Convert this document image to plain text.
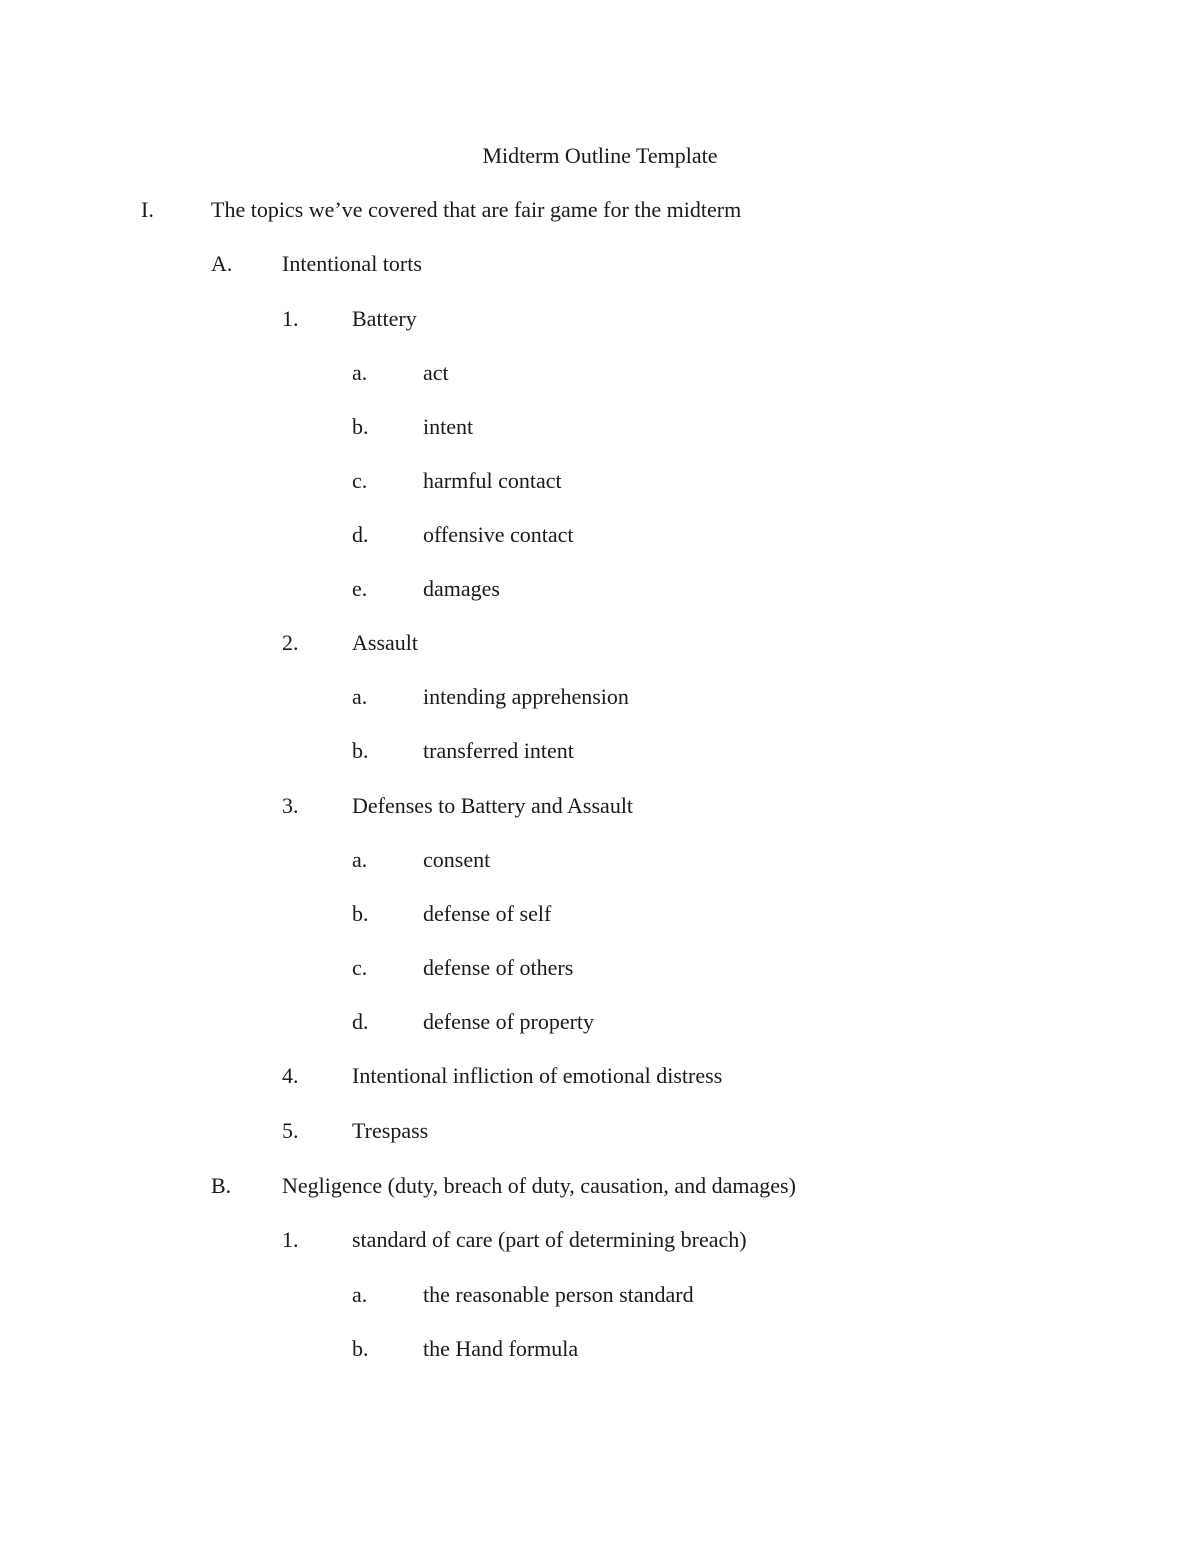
Midterm Outline Template
I.	The topics we’ve covered that are fair game for the midterm
A. Intentional torts
1. Battery
a.	act
b. intent
c.	harmful contact
d. offensive contact
e.	damages
2. Assault
a.	intending apprehension
b. transferred intent
3. Defenses to Battery and Assault
a.	consent
b. defense of self
c.	defense of others
d. defense of property
4. Intentional infliction of emotional distress
5. Trespass
B. Negligence (duty, breach of duty, causation, and damages)
1. standard of care (part of determining breach)
a.	the reasonable person standard
b. the Hand formula
